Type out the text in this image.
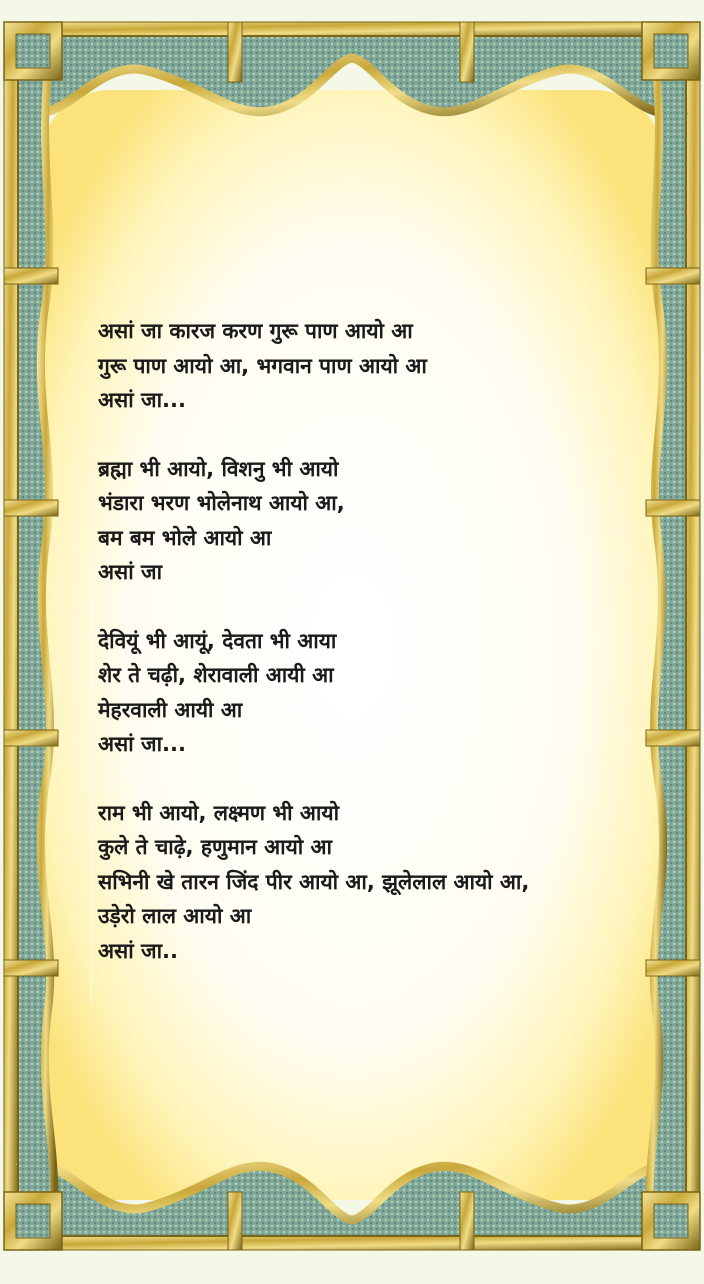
असां जा कारज करण गुरू पाण आयो आ
गुरू पाण आयो आ, भगवान पाण आयो आ
असां जा...
ब्रह्मा भी आयो, विशनु भी आयो
भंडारा भरण भोलेनाथ आयो आ,
बम बम भोले आयो आ
असां जा
देवियूं भी आयूं, देवता भी आया
शेर ते चढ़ी, शेरावाली आयी आ
मेहरवाली आयी आ
असां जा...
राम भी आयो, लक्ष्मण भी आयो
कुले ते चाढ़े, हणुमान आयो आ
सभिनी खे तारन जिंद पीर आयो आ, झूलेलाल आयो आ,
उड़ेरो लाल आयो आ
असां जा..
